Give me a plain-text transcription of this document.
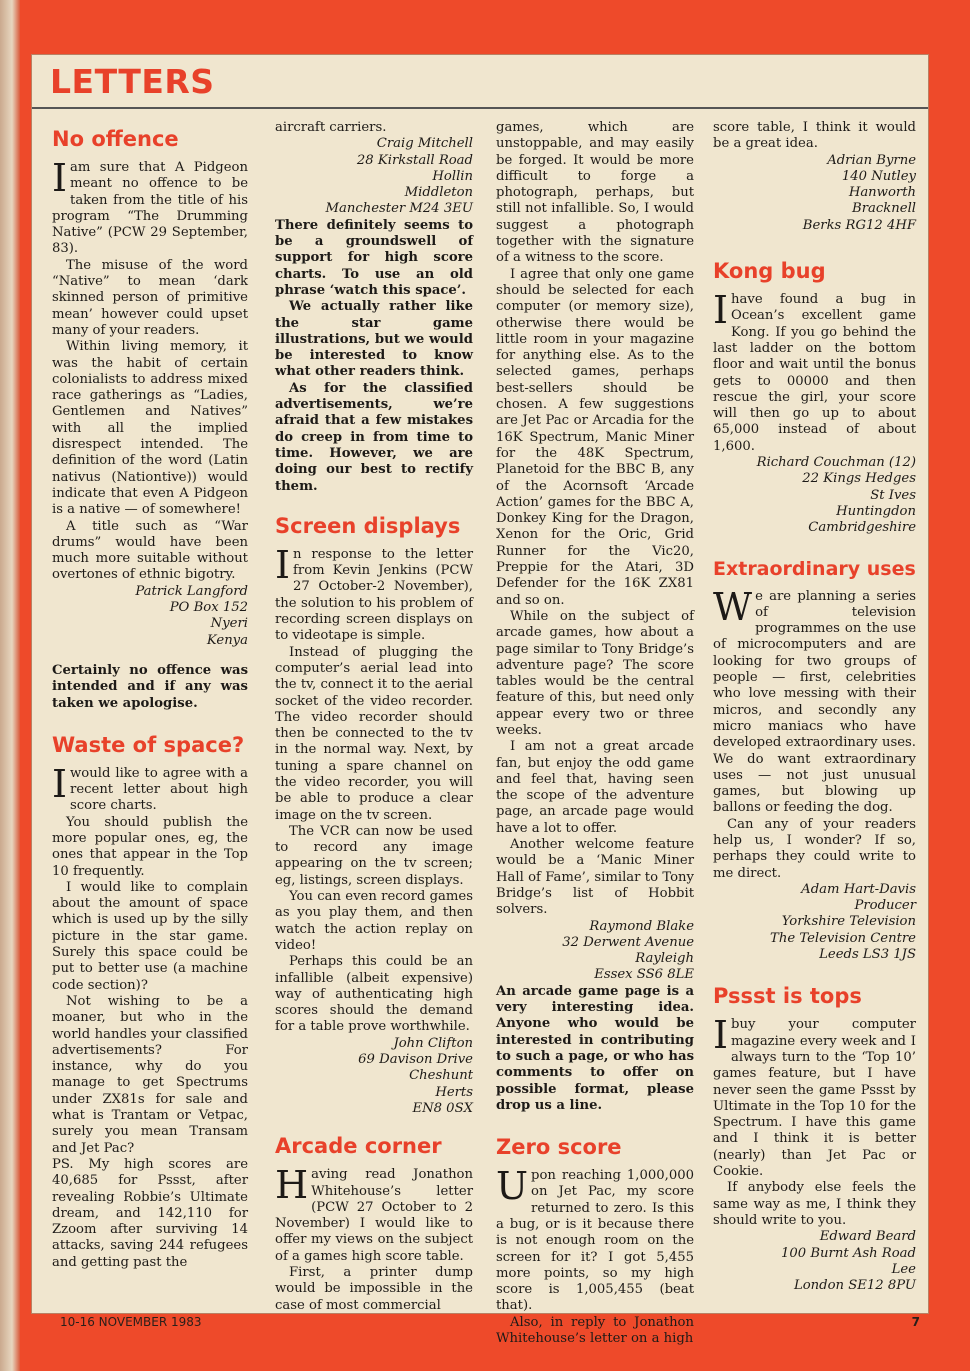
LETTERS
No offence

Iam sure that A Pidgeon meant no offence to be taken from the title of his program “The Drumming Native” (PCW 29 September, 83).

The misuse of the word “Native” to mean ‘dark skinned person of primitive mean’ however could upset many of your readers.

Within living memory, it was the habit of certain colonialists to address mixed race gatherings as “Ladies, Gentlemen and Natives” with all the implied disrespect intended. The definition of the word (Latin nativus (Nationtive)) would indicate that even A Pidgeon is a native — of somewhere!

A title such as “War drums” would have been much more suitable without overtones of ethnic bigotry.

Patrick Langford

PO Box 152

Nyeri

Kenya

Certainly no offence was intended and if any was taken we apologise.

Waste of space?

Iwould like to agree with a recent letter about high score charts.

You should publish the more popular ones, eg, the ones that appear in the Top 10 frequently.

I would like to complain about the amount of space which is used up by the silly picture in the star game. Surely this space could be put to better use (a machine code section)?

Not wishing to be a moaner, but who in the world handles your classified advertisements? For instance, why do you manage to get Spectrums under ZX81s for sale and what is Trantam or Vetpac, surely you mean Transam and Jet Pac?

PS. My high scores are 40,685 for Pssst, after revealing Robbie’s Ultimate dream, and 142,110 for Zzoom after surviving 14 attacks, saving 244 refugees and getting past the

aircraft carriers.

Craig Mitchell

28 Kirkstall Road

Hollin

Middleton

Manchester M24 3EU

There definitely seems to be a groundswell of support for high score charts. To use an old phrase ‘watch this space’.

We actually rather like the star game illustrations, but we would be interested to know what other readers think.

As for the classified advertisements, we’re afraid that a few mistakes do creep in from time to time. However, we are doing our best to rectify them.

Screen displays

In response to the letter from Kevin Jenkins (PCW 27 October-2 November), the solution to his problem of recording screen displays on to videotape is simple.

Instead of plugging the computer’s aerial lead into the tv, connect it to the aerial socket of the video recorder. The video recorder should then be connected to the tv in the normal way. Next, by tuning a spare channel on the video recorder, you will be able to produce a clear image on the tv screen.

The VCR can now be used to record any image appearing on the tv screen; eg, listings, screen displays.

You can even record games as you play them, and then watch the action replay on video!

Perhaps this could be an infallible (albeit expensive) way of authenticating high scores should the demand for a table prove worthwhile.

John Clifton

69 Davison Drive

Cheshunt

Herts

EN8 0SX

Arcade corner

Having read Jonathon Whitehouse’s letter (PCW 27 October to 2 November) I would like to offer my views on the subject of a games high score table.

First, a printer dump would be impossible in the case of most commercial

games, which are unstoppable, and may easily be forged. It would be more difficult to forge a photograph, perhaps, but still not infallible. So, I would suggest a photograph together with the signature of a witness to the score.

I agree that only one game should be selected for each computer (or memory size), otherwise there would be little room in your magazine for anything else. As to the selected games, perhaps best-sellers should be chosen. A few suggestions are Jet Pac or Arcadia for the 16K Spectrum, Manic Miner for the 48K Spectrum, Planetoid for the BBC B, any of the Acornsoft ‘Arcade Action’ games for the BBC A, Donkey King for the Dragon, Xenon for the Oric, Grid Runner for the Vic20, Preppie for the Atari, 3D Defender for the 16K ZX81 and so on.

While on the subject of arcade games, how about a page similar to Tony Bridge’s adventure page? The score tables would be the central feature of this, but need only appear every two or three weeks.

I am not a great arcade fan, but enjoy the odd game and feel that, having seen the scope of the adventure page, an arcade page would have a lot to offer.

Another welcome feature would be a ‘Manic Miner Hall of Fame’, similar to Tony Bridge’s list of Hobbit solvers.

Raymond Blake

32 Derwent Avenue

Rayleigh

Essex SS6 8LE

An arcade game page is a very interesting idea. Anyone who would be interested in contributing to such a page, or who has comments to offer on possible format, please drop us a line.

Zero score

Upon reaching 1,000,000 on Jet Pac, my score returned to zero. Is this a bug, or is it because there is not enough room on the screen for it? I got 5,455 more points, so my high score is 1,005,455 (beat that).

Also, in reply to Jonathon Whitehouse’s letter on a high

score table, I think it would be a great idea.

Adrian Byrne

140 Nutley

Hanworth

Bracknell

Berks RG12 4HF

Kong bug

Ihave found a bug in Ocean’s excellent game Kong. If you go behind the last ladder on the bottom floor and wait until the bonus gets to 00000 and then rescue the girl, your score will then go up to about 65,000 instead of about 1,600.

Richard Couchman (12)

22 Kings Hedges

St Ives

Huntingdon

Cambridgeshire

Extraordinary uses

We are planning a series of television programmes on the use of microcomputers and are looking for two groups of people — first, celebrities who love messing with their micros, and secondly any micro maniacs who have developed extraordinary uses. We do want extraordinary uses — not just unusual games, but blowing up ballons or feeding the dog.

Can any of your readers help us, I wonder? If so, perhaps they could write to me direct.

Adam Hart-Davis

Producer

Yorkshire Television

The Television Centre

Leeds LS3 1JS

Pssst is tops

Ibuy your computer magazine every week and I always turn to the ‘Top 10’ games feature, but I have never seen the game Pssst by Ultimate in the Top 10 for the Spectrum. I have this game and I think it is better (nearly) than Jet Pac or Cookie.

If anybody else feels the same way as me, I think they should write to you.

Edward Beard

100 Burnt Ash Road

Lee

London SE12 8PU

10-16 NOVEMBER 1983	7
